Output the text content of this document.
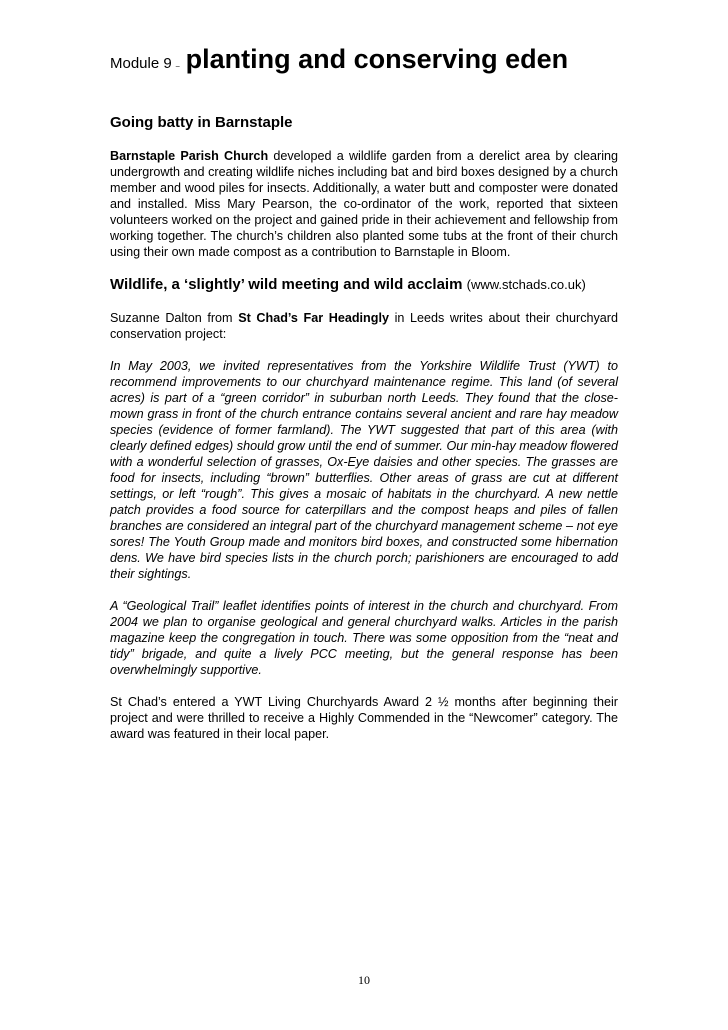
Module 9 – planting and conserving eden
Going batty in Barnstaple

Barnstaple Parish Church developed a wildlife garden from a derelict area by clearing undergrowth and creating wildlife niches including bat and bird boxes designed by a church member and wood piles for insects. Additionally, a water butt and composter were donated and installed. Miss Mary Pearson, the co-ordinator of the work, reported that sixteen volunteers worked on the project and gained pride in their achievement and fellowship from working together. The church’s children also planted some tubs at the front of their church using their own made compost as a contribution to Barnstaple in Bloom.

Wildlife, a ‘slightly’ wild meeting and wild acclaim (www.stchads.co.uk)

Suzanne Dalton from St Chad’s Far Headingly in Leeds writes about their churchyard conservation project:

In May 2003, we invited representatives from the Yorkshire Wildlife Trust (YWT) to recommend improvements to our churchyard maintenance regime. This land (of several acres) is part of a “green corridor” in suburban north Leeds. They found that the close-mown grass in front of the church entrance contains several ancient and rare hay meadow species (evidence of former farmland). The YWT suggested that part of this area (with clearly defined edges) should grow until the end of summer. Our min-hay meadow flowered with a wonderful selection of grasses, Ox-Eye daisies and other species. The grasses are food for insects, including “brown” butterflies. Other areas of grass are cut at different settings, or left “rough”. This gives a mosaic of habitats in the churchyard. A new nettle patch provides a food source for caterpillars and the compost heaps and piles of fallen branches are considered an integral part of the churchyard management scheme – not eye sores! The Youth Group made and monitors bird boxes, and constructed some hibernation dens. We have bird species lists in the church porch; parishioners are encouraged to add their sightings.

A “Geological Trail” leaflet identifies points of interest in the church and churchyard. From 2004 we plan to organise geological and general churchyard walks. Articles in the parish magazine keep the congregation in touch. There was some opposition from the “neat and tidy” brigade, and quite a lively PCC meeting, but the general response has been overwhelmingly supportive.

St Chad’s entered a YWT Living Churchyards Award 2 ½ months after beginning their project and were thrilled to receive a Highly Commended in the “Newcomer” category. The award was featured in their local paper.

10
